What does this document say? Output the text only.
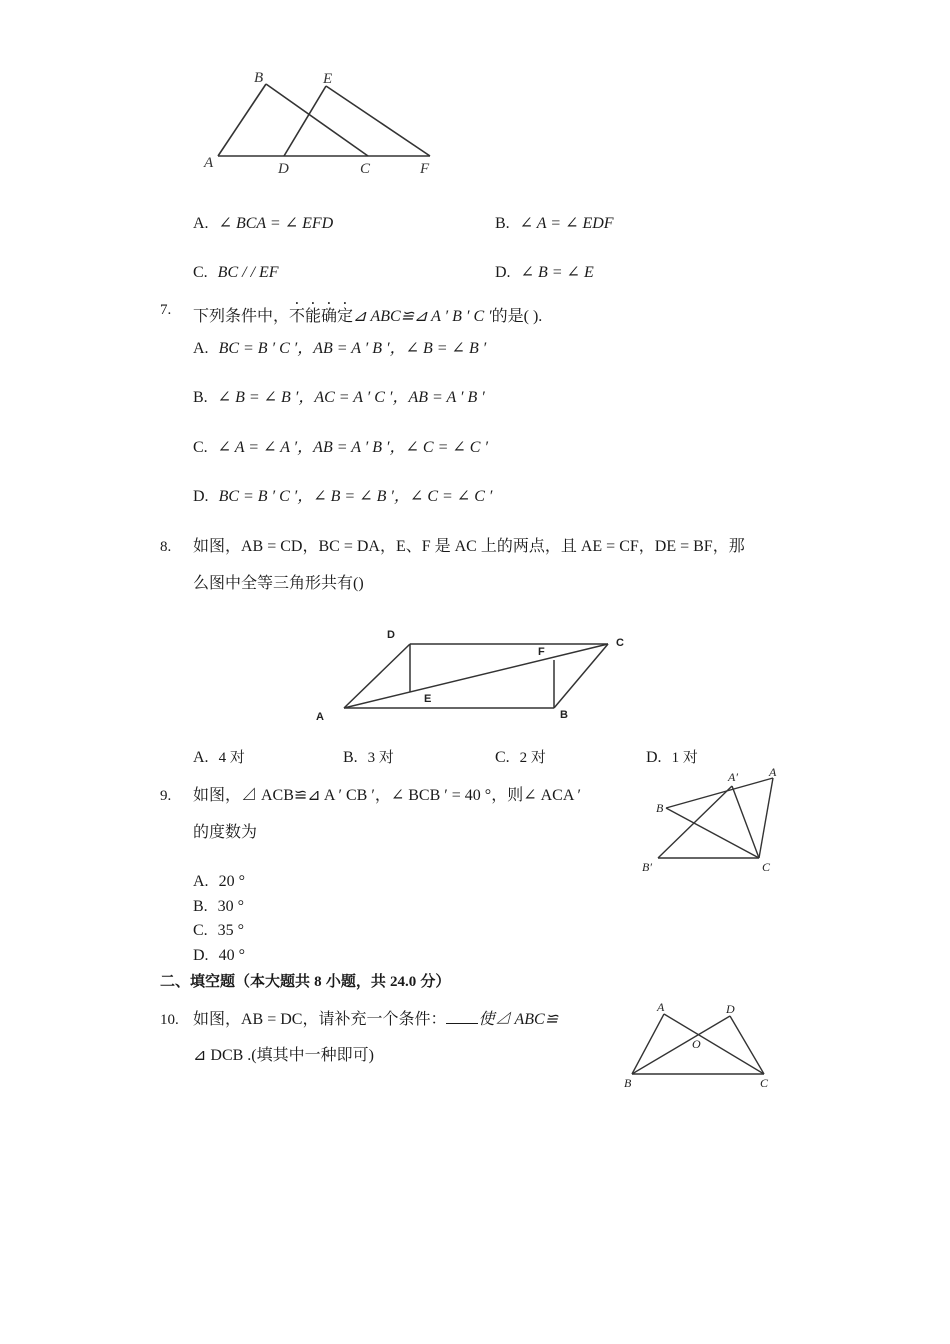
B	E
A	D	C	F
A. ∠ BCA = ∠ EFD	B. ∠ A = ∠ EDF
C. BC / / EF	D. ∠ B = ∠ E
7. 下列条件中，不能确定⊿ ABC≌⊿ A ′ B ′ C ′的是( ).
A. BC = B ′ C ′，AB = A ′ B ′，∠ B = ∠ B ′
B. ∠ B = ∠ B ′，AC = A ′ C ′，AB = A ′ B ′
C. ∠ A = ∠ A ′，AB = A ′ B ′，∠ C = ∠ C ′
D. BC = B ′ C ′，∠ B = ∠ B ′，∠ C = ∠ C ′
8. 如图，AB = CD，BC = DA，E、F 是 AC 上的两点，且 AE = CF，DE = BF，那
么图中全等三角形共有()
D
C
F
E
A	B
A. 4 对	B. 3 对	C. 2 对	D. 1 对
9. 如图，⊿ ACB≌⊿ A ′ CB ′，∠ BCB ′ = 40 °，则∠ ACA ′
的度数为
A′	A
B
B′	C
A. 20 °
B. 30 °
C. 35 °
D. 40 °
二、填空题（本大题共 8 小题，共 24.0 分）
10. 如图，AB = DC，请补充一个条件： 使⊿ ABC≌
⊿ DCB .(填其中一种即可)
A	D
O
B	C
